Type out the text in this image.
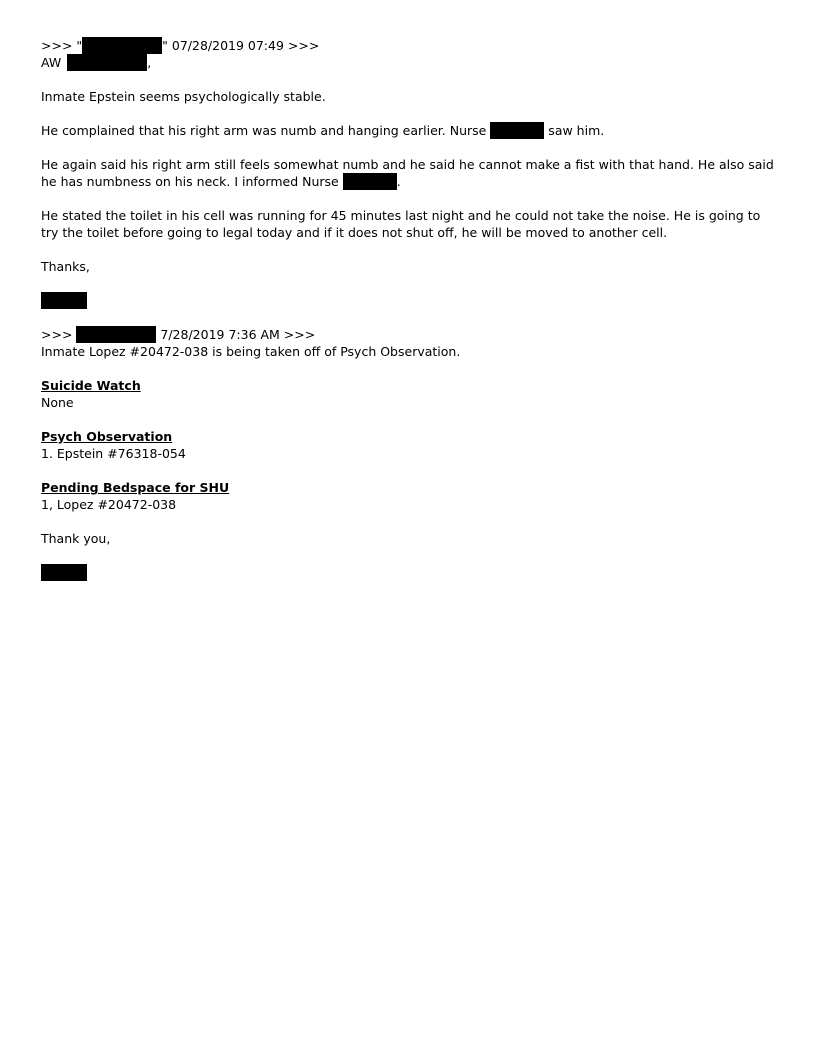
>>> "	" 07/28/2019 07:49 >>>
AW	,
Inmate Epstein seems psychologically stable.
He complained that his right arm was numb and hanging earlier. Nurse	saw him.
He again said his right arm still feels somewhat numb and he said he cannot make a fist with that hand. He also said he has numbness on his neck. I informed Nurse	.
He stated the toilet in his cell was running for 45 minutes last night and he could not take the noise. He is going to try the toilet before going to legal today and if it does not shut off, he will be moved to another cell.
Thanks,
>>>	7/28/2019 7:36 AM >>>
Inmate Lopez #20472-038 is being taken off of Psych Observation.
Suicide Watch
None
Psych Observation
1. Epstein #76318-054
Pending Bedspace for SHU
1, Lopez #20472-038
Thank you,
